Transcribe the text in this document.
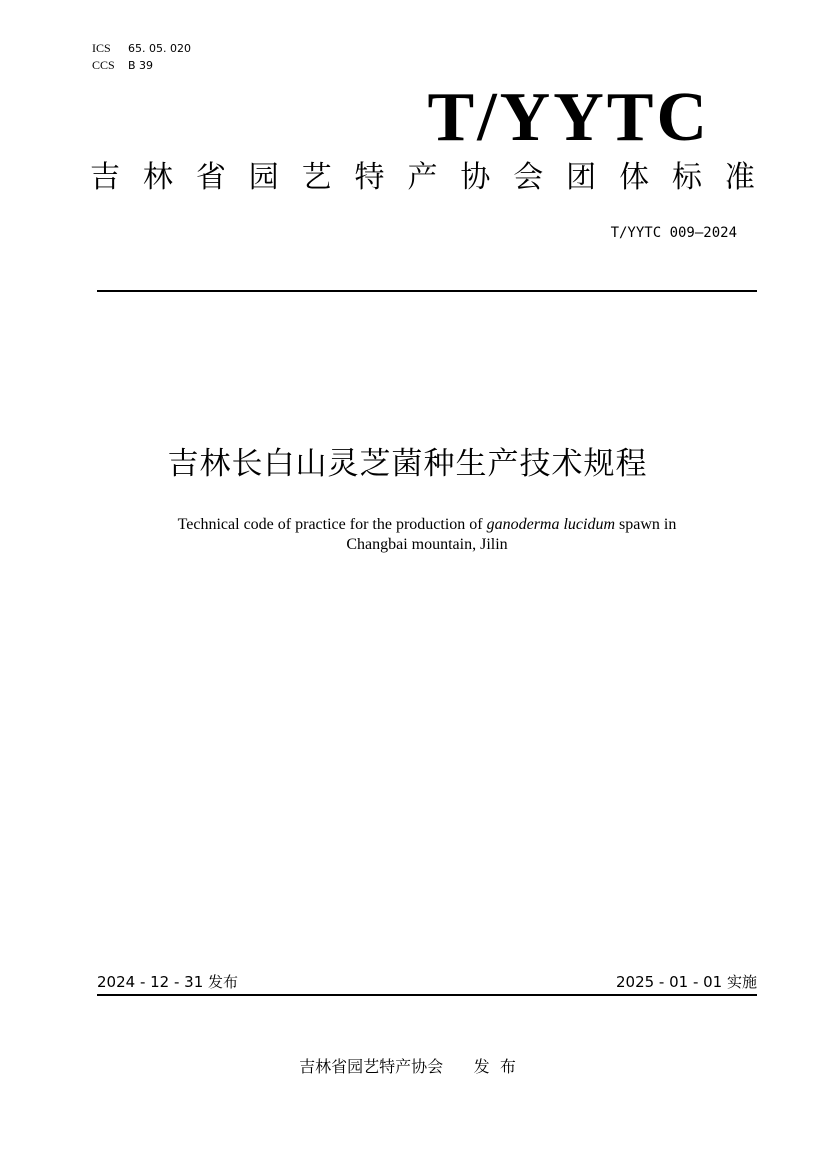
ICS 65. 05. 020
CCS B 39
T/YYTC
吉 林 省 园 艺 特 产 协 会 团 体 标 准
T/YYTC 009—2024
吉林长白山灵芝菌种生产技术规程
Technical code of practice for the production of ganoderma lucidum spawn in
Changbai mountain, Jilin
2024 - 12 - 31 发布	2025 - 01 - 01 实施
吉林省园艺特产协会 发  布
